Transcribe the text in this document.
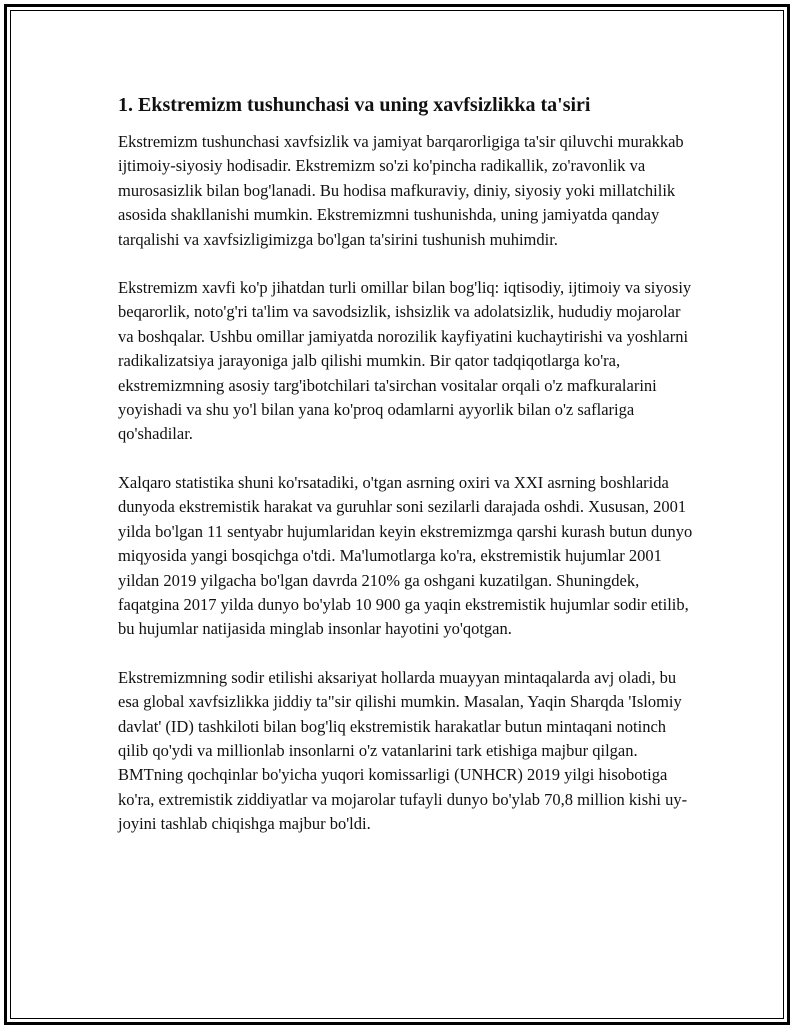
1. Ekstremizm tushunchasi va uning xavfsizlikka ta'siri

Ekstremizm tushunchasi xavfsizlik va jamiyat barqarorligiga ta'sir qiluvchi murakkab ijtimoiy-siyosiy hodisadir. Ekstremizm so'zi ko'pincha radikallik, zo'ravonlik va murosasizlik bilan bog'lanadi. Bu hodisa mafkuraviy, diniy, siyosiy yoki millatchilik asosida shakllanishi mumkin. Ekstremizmni tushunishda, uning jamiyatda qanday tarqalishi va xavfsizligimizga bo'lgan ta'sirini tushunish muhimdir.

Ekstremizm xavfi ko'p jihatdan turli omillar bilan bog'liq: iqtisodiy, ijtimoiy va siyosiy beqarorlik, noto'g'ri ta'lim va savodsizlik, ishsizlik va adolatsizlik, hududiy mojarolar va boshqalar. Ushbu omillar jamiyatda norozilik kayfiyatini kuchaytirishi va yoshlarni radikalizatsiya jarayoniga jalb qilishi mumkin. Bir qator tadqiqotlarga ko'ra, ekstremizmning asosiy targ'ibotchilari ta'sirchan vositalar orqali o'z mafkuralarini yoyishadi va shu yo'l bilan yana ko'proq odamlarni ayyorlik bilan o'z saflariga qo'shadilar.

Xalqaro statistika shuni ko'rsatadiki, o'tgan asrning oxiri va XXI asrning boshlarida dunyoda ekstremistik harakat va guruhlar soni sezilarli darajada oshdi. Xususan, 2001 yilda bo'lgan 11 sentyabr hujumlaridan keyin ekstremizmga qarshi kurash butun dunyo miqyosida yangi bosqichga o'tdi. Ma'lumotlarga ko'ra, ekstremistik hujumlar 2001 yildan 2019 yilgacha bo'lgan davrda 210% ga oshgani kuzatilgan. Shuningdek, faqatgina 2017 yilda dunyo bo'ylab 10 900 ga yaqin ekstremistik hujumlar sodir etilib, bu hujumlar natijasida minglab insonlar hayotini yo'qotgan.

Ekstremizmning sodir etilishi aksariyat hollarda muayyan mintaqalarda avj oladi, bu esa global xavfsizlikka jiddiy ta"sir qilishi mumkin. Masalan, Yaqin Sharqda 'Islomiy davlat' (ID) tashkiloti bilan bog'liq ekstremistik harakatlar butun mintaqani notinch qilib qo'ydi va millionlab insonlarni o'z vatanlarini tark etishiga majbur qilgan. BMTning qochqinlar bo'yicha yuqori komissarligi (UNHCR) 2019 yilgi hisobotiga ko'ra, extremistik ziddiyatlar va mojarolar tufayli dunyo bo'ylab 70,8 million kishi uy-joyini tashlab chiqishga majbur bo'ldi.
